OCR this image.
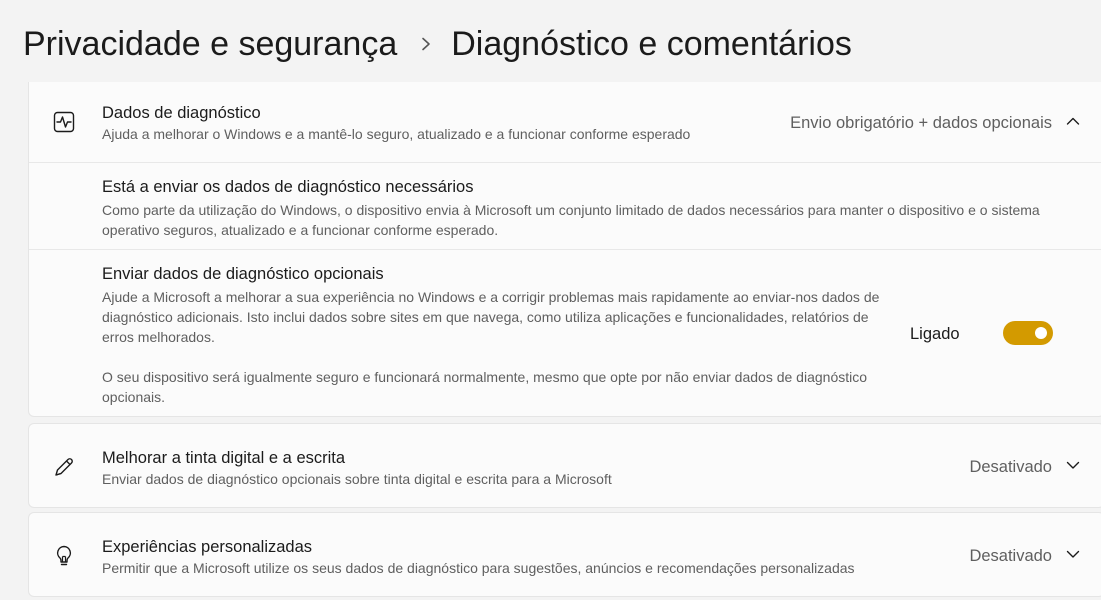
Privacidade e segurança Diagnóstico e comentários
Dados de diagnóstico
Ajuda a melhorar o Windows e a mantê-lo seguro, atualizado e a funcionar conforme esperado
Envio obrigatório + dados opcionais
Está a enviar os dados de diagnóstico necessários
Como parte da utilização do Windows, o dispositivo envia à Microsoft um conjunto limitado de dados necessários para manter o dispositivo e o sistema operativo seguros, atualizado e a funcionar conforme esperado.
Enviar dados de diagnóstico opcionais
Ajude a Microsoft a melhorar a sua experiência no Windows e a corrigir problemas mais rapidamente ao enviar-nos dados de diagnóstico adicionais. Isto inclui dados sobre sites em que navega, como utiliza aplicações e funcionalidades, relatórios de erros melhorados.
O seu dispositivo será igualmente seguro e funcionará normalmente, mesmo que opte por não enviar dados de diagnóstico opcionais.
Ligado
Melhorar a tinta digital e a escrita
Enviar dados de diagnóstico opcionais sobre tinta digital e escrita para a Microsoft
Desativado
Experiências personalizadas
Permitir que a Microsoft utilize os seus dados de diagnóstico para sugestões, anúncios e recomendações personalizadas
Desativado
